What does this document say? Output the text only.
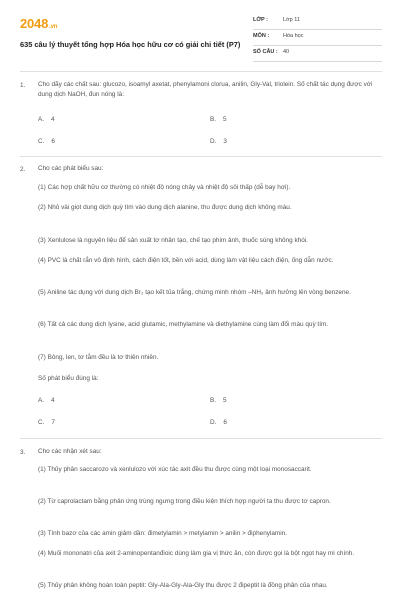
2048.vn
635 câu lý thuyết tổng hợp Hóa học hữu cơ có giải chi tiết (P7)
LỚP :	Lớp 11
MÔN :	Hóa học
SỐ CÂU : 40
1. Cho dãy các chất sau: glucozo, isoamyl axetat, phenylamoni clorua, anilin, Gly-Val, triolein. Số chất tác dụng được với dung dịch NaOH, đun nóng là:
A. 4	B. 5
C. 6	D. 3
2. Cho các phát biểu sau:
(1) Các hợp chất hữu cơ thường có nhiệt độ nóng chảy và nhiệt độ sôi thấp (dễ bay hơi).
(2) Nhỏ vài giọt dung dịch quỳ tím vào dung dịch alanine, thu được dung dịch không màu.
(3) Xenlulose là nguyên liệu để sản xuất tơ nhân tạo, chế tạo phim ảnh, thuốc súng không khói.
(4) PVC là chất rắn vô định hình, cách điện tốt, bền với acid, dùng làm vật liệu cách điện, ống dẫn nước.
(5) Aniline tác dụng với dung dịch Br₂ tạo kết tủa trắng, chứng minh nhóm –NH₂ ảnh hưởng lên vòng benzene.
(6) Tất cả các dung dịch lysine, acid glutamic, methylamine và diethylamine cùng làm đổi màu quỳ tím.
(7) Bông, len, tơ tằm đều là tơ thiên nhiên.
Số phát biểu đúng là:
A. 4	B. 5
C. 7	D. 6
3. Cho các nhận xét sau:
(1) Thủy phân saccarozo và xenlulozo với xúc tác axit đều thu được cùng một loại monosaccarit.
(2) Từ caprolactam bằng phản ứng trùng ngưng trong điều kiện thích hợp người ta thu được tơ capron.
(3) Tính bazơ của các amin giảm dần: đimetylamin > metylamin > anilin > điphenylamin.
(4) Muối mononatri của axit 2-aminopentanđioic dùng làm gia vị thức ăn, còn được gọi là bột ngọt hay mì chính.
(5) Thủy phân không hoàn toàn peptit: Gly-Ala-Gly-Ala-Gly thu được 2 đipeptit là đồng phân của nhau.
